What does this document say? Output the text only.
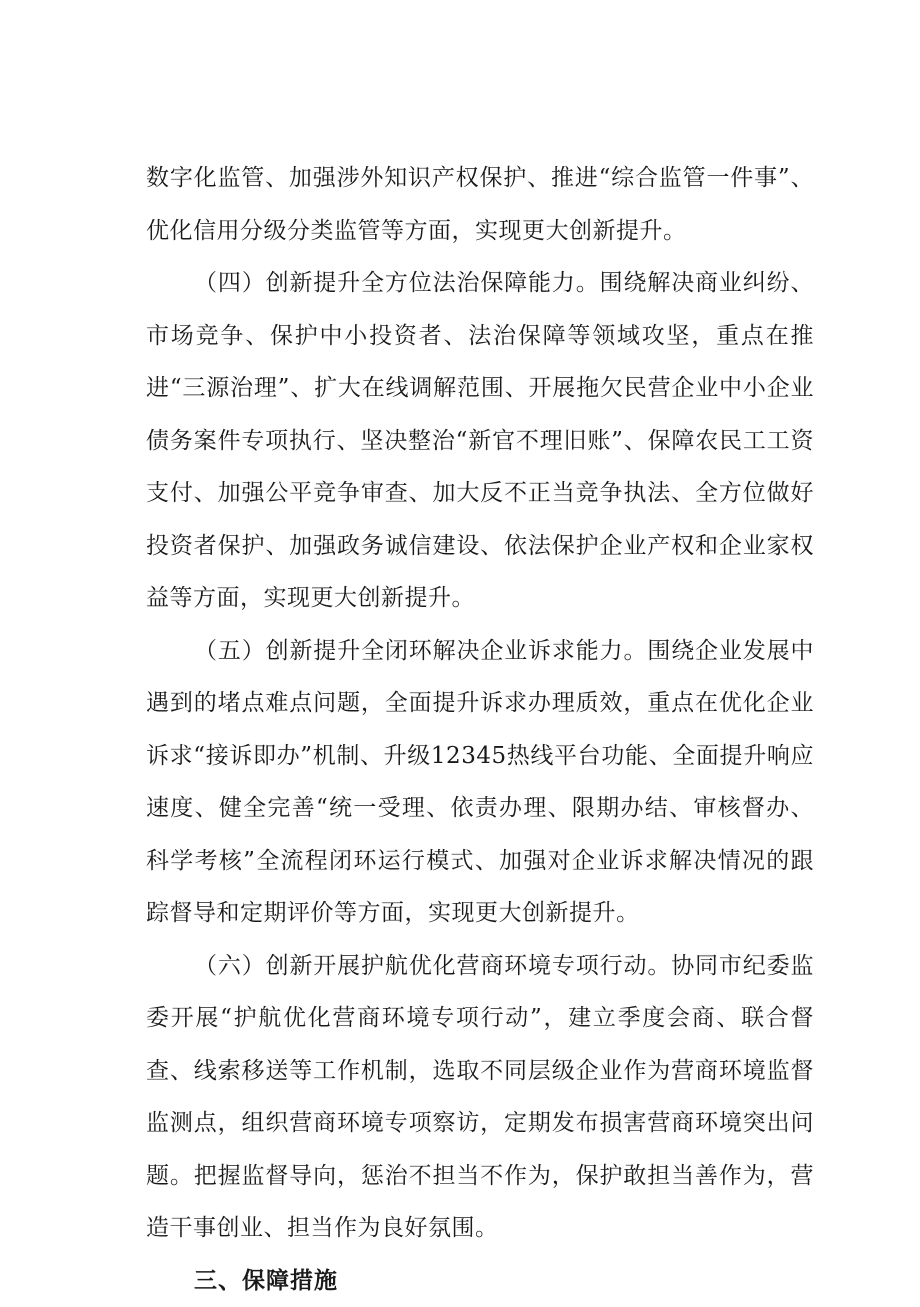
数字化监管、加强涉外知识产权保护、推进“综合监管一件事”、优化信用分级分类监管等方面，实现更大创新提升。

（四）创新提升全方位法治保障能力。围绕解决商业纠纷、市场竞争、保护中小投资者、法治保障等领域攻坚，重点在推进“三源治理”、扩大在线调解范围、开展拖欠民营企业中小企业债务案件专项执行、坚决整治“新官不理旧账”、保障农民工工资支付、加强公平竞争审查、加大反不正当竞争执法、全方位做好投资者保护、加强政务诚信建设、依法保护企业产权和企业家权益等方面，实现更大创新提升。

（五）创新提升全闭环解决企业诉求能力。围绕企业发展中遇到的堵点难点问题，全面提升诉求办理质效，重点在优化企业诉求“接诉即办”机制、升级12345热线平台功能、全面提升响应速度、健全完善“统一受理、依责办理、限期办结、审核督办、科学考核”全流程闭环运行模式、加强对企业诉求解决情况的跟踪督导和定期评价等方面，实现更大创新提升。

（六）创新开展护航优化营商环境专项行动。协同市纪委监委开展“护航优化营商环境专项行动”，建立季度会商、联合督查、线索移送等工作机制，选取不同层级企业作为营商环境监督监测点，组织营商环境专项察访，定期发布损害营商环境突出问题。把握监督导向，惩治不担当不作为，保护敢担当善作为，营造干事创业、担当作为良好氛围。

三、保障措施
